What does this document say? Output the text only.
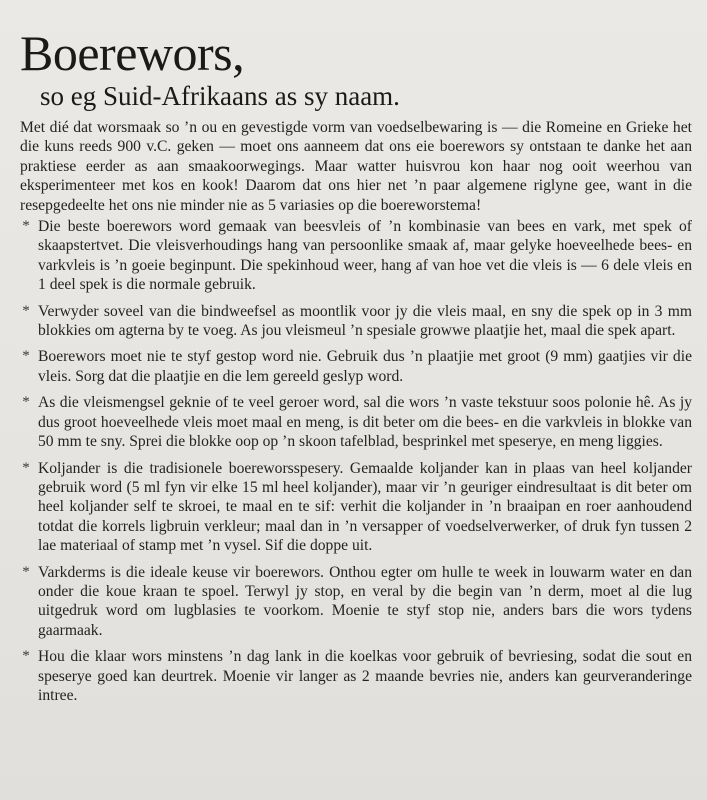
Boerewors,
so eg Suid-Afrikaans as sy naam.

Met dié dat worsmaak so ’n ou en gevestigde vorm van voedselbewaring is — die Romeine en Grieke het die kuns reeds 900 v.C. geken — moet ons aanneem dat ons eie boerewors sy ontstaan te danke het aan praktiese eerder as aan smaakoorwegings. Maar watter huisvrou kon haar nog ooit weerhou van eksperimenteer met kos en kook! Daarom dat ons hier net ’n paar algemene riglyne gee, want in die resepgedeelte het ons nie minder nie as 5 variasies op die boereworstema!

* Die beste boerewors word gemaak van beesvleis of ’n kombinasie van bees en vark, met spek of skaapstertvet. Die vleisverhoudings hang van persoonlike smaak af, maar gelyke hoeveelhede bees- en varkvleis is ’n goeie beginpunt. Die spekinhoud weer, hang af van hoe vet die vleis is — 6 dele vleis en 1 deel spek is die normale gebruik.
* Verwyder soveel van die bindweefsel as moontlik voor jy die vleis maal, en sny die spek op in 3 mm blokkies om agterna by te voeg. As jou vleismeul ’n spesiale growwe plaatjie het, maal die spek apart.
* Boerewors moet nie te styf gestop word nie. Gebruik dus ’n plaatjie met groot (9 mm) gaatjies vir die vleis. Sorg dat die plaatjie en die lem gereeld geslyp word.
* As die vleismengsel geknie of te veel geroer word, sal die wors ’n vaste tekstuur soos polonie hê. As jy dus groot hoeveelhede vleis moet maal en meng, is dit beter om die bees- en die varkvleis in blokke van 50 mm te sny. Sprei die blokke oop op ’n skoon tafelblad, besprinkel met speserye, en meng liggies.
* Koljander is die tradisionele boereworsspesery. Gemaalde koljander kan in plaas van heel koljander gebruik word (5 ml fyn vir elke 15 ml heel koljander), maar vir ’n geuriger eindresultaat is dit beter om heel koljander self te skroei, te maal en te sif: verhit die koljander in ’n braaipan en roer aanhoudend totdat die korrels ligbruin verkleur; maal dan in ’n versapper of voedselverwerker, of druk fyn tussen 2 lae materiaal of stamp met ’n vysel. Sif die doppe uit.
* Varkderms is die ideale keuse vir boerewors. Onthou egter om hulle te week in louwarm water en dan onder die koue kraan te spoel. Terwyl jy stop, en veral by die begin van ’n derm, moet al die lug uitgedruk word om lugblasies te voorkom. Moenie te styf stop nie, anders bars die wors tydens gaarmaak.
* Hou die klaar wors minstens ’n dag lank in die koelkas voor gebruik of bevriesing, sodat die sout en speserye goed kan deurtrek. Moenie vir langer as 2 maande bevries nie, anders kan geurveranderinge intree.
